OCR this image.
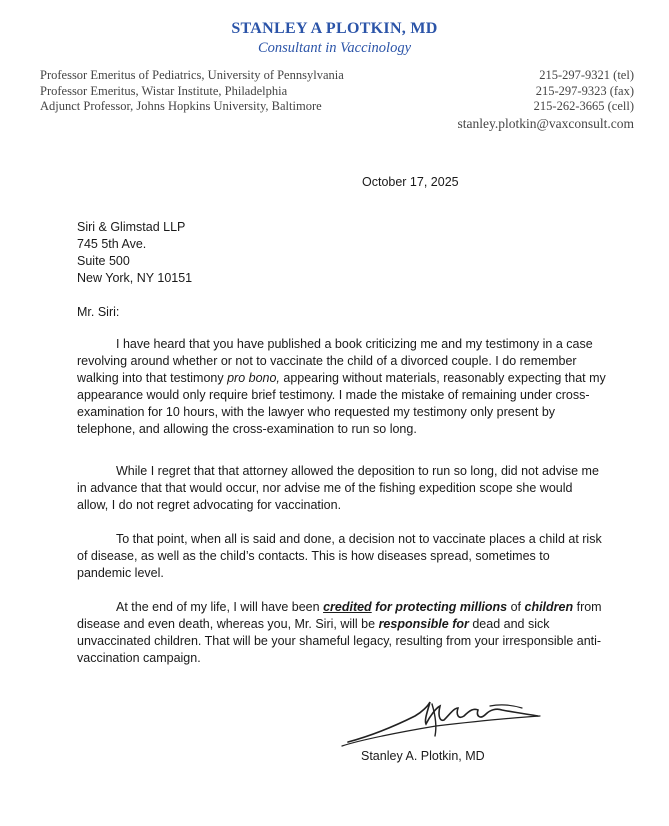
STANLEY A PLOTKIN, MD
Consultant in Vaccinology
Professor Emeritus of Pediatrics, University of Pennsylvania
Professor Emeritus, Wistar Institute, Philadelphia
Adjunct Professor, Johns Hopkins University, Baltimore
215-297-9321 (tel)
215-297-9323 (fax)
215-262-3665 (cell)
stanley.plotkin@vaxconsult.com
October 17, 2025
Siri & Glimstad LLP
745 5th Ave.
Suite 500
New York, NY 10151
Mr. Siri:

I have heard that you have published a book criticizing me and my testimony in a case revolving around whether or not to vaccinate the child of a divorced couple. I do remember walking into that testimony pro bono, appearing without materials, reasonably expecting that my appearance would only require brief testimony. I made the mistake of remaining under cross-examination for 10 hours, with the lawyer who requested my testimony only present by telephone, and allowing the cross-examination to run so long.

While I regret that that attorney allowed the deposition to run so long, did not advise me in advance that that would occur, nor advise me of the fishing expedition scope she would allow, I do not regret advocating for vaccination.

To that point, when all is said and done, a decision not to vaccinate places a child at risk of disease, as well as the child’s contacts. This is how diseases spread, sometimes to pandemic level.

At the end of my life, I will have been credited for protecting millions of children from disease and even death, whereas you, Mr. Siri, will be responsible for dead and sick unvaccinated children. That will be your shameful legacy, resulting from your irresponsible anti-vaccination campaign.

Stanley A. Plotkin, MD
